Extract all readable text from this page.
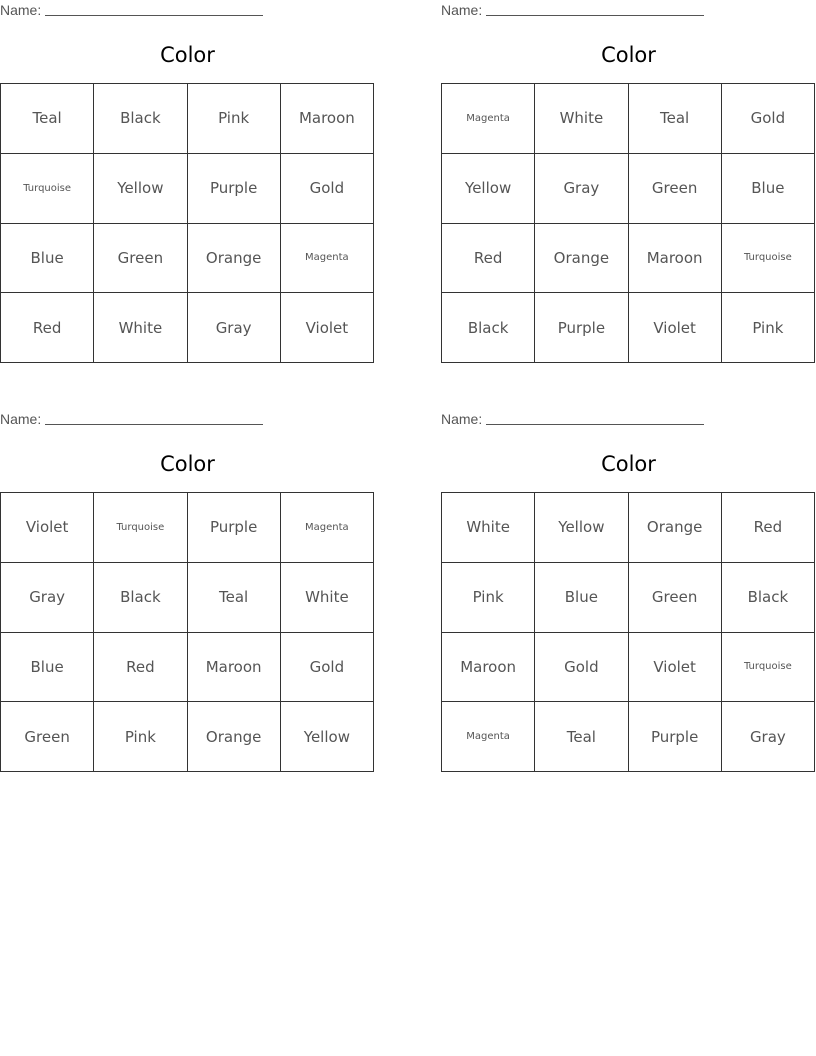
Name:
Color
Teal	Black	Pink	Maroon
Turquoise	Yellow	Purple	Gold
Blue	Green	Orange	Magenta
Red	White	Gray	Violet
Name:
Color
Magenta	White	Teal	Gold
Yellow	Gray	Green	Blue
Red	Orange	Maroon	Turquoise
Black	Purple	Violet	Pink
Name:
Color
Violet	Turquoise	Purple	Magenta
Gray	Black	Teal	White
Blue	Red	Maroon	Gold
Green	Pink	Orange	Yellow
Name:
Color
White	Yellow	Orange	Red
Pink	Blue	Green	Black
Maroon	Gold	Violet	Turquoise
Magenta	Teal	Purple	Gray
